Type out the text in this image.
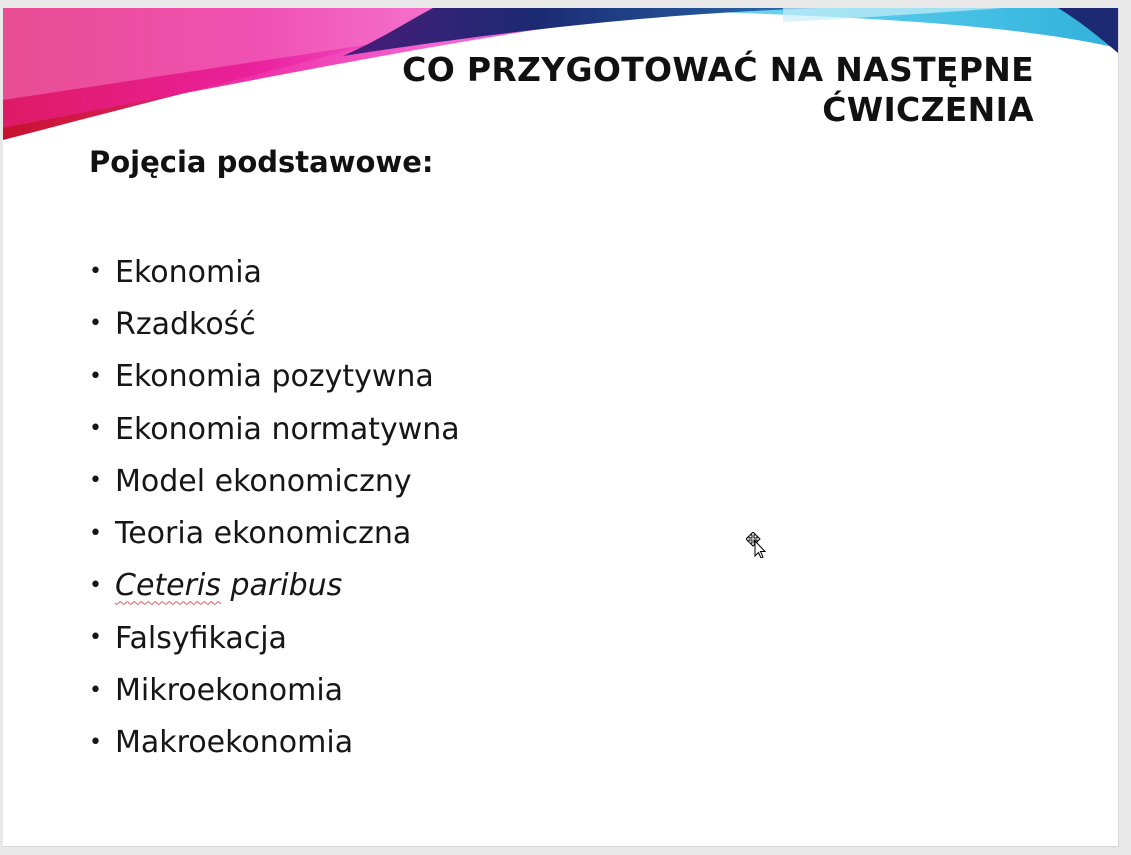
CO PRZYGOTOWAĆ NA NASTĘPNE
ĆWICZENIA
Pojęcia podstawowe:
• Ekonomia
• Rzadkość
• Ekonomia pozytywna
• Ekonomia normatywna
• Model ekonomiczny
• Teoria ekonomiczna
• Ceteris paribus
• Falsyfikacja
• Mikroekonomia
• Makroekonomia
